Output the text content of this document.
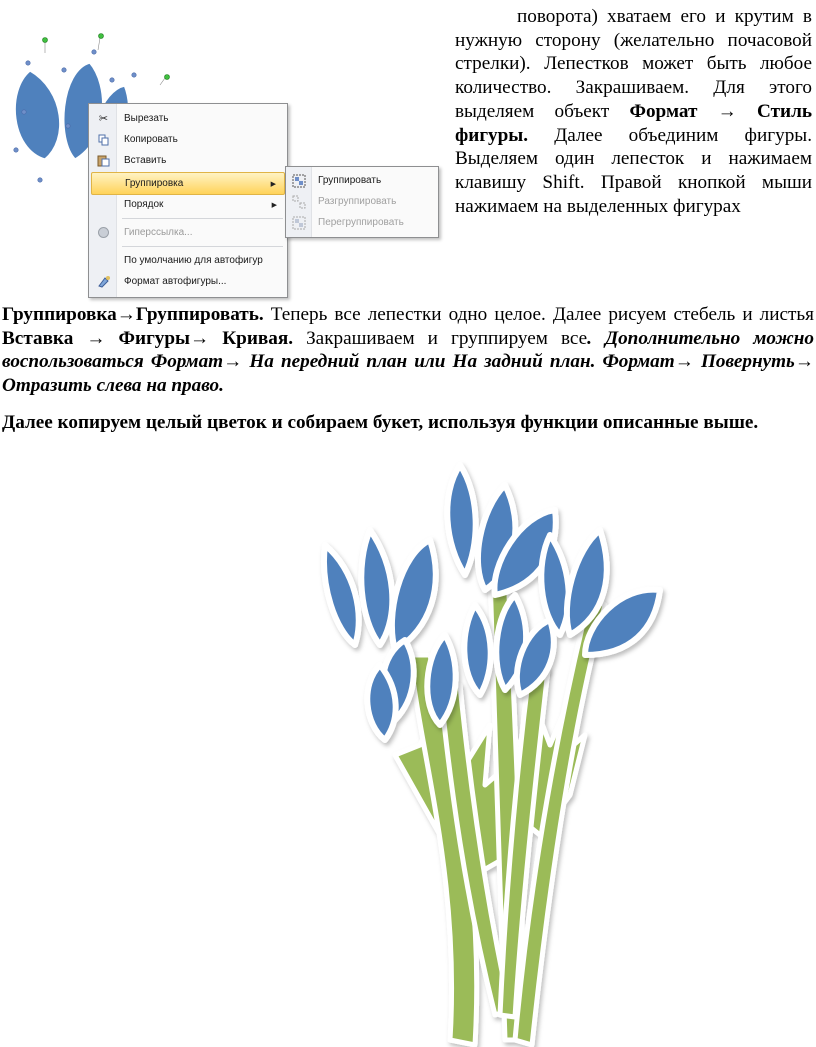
✂	Вырезать
Копировать
Вставить
Группировка	▶
Порядок	▶
Гиперссылка...
По умолчанию для автофигур
Формат автофигуры...
Группировать
Разгруппировать
Перегруппировать
поворота) хватаем его и крутим в нужную сторону (желательно почасовой стрелки). Лепестков может быть любое количество. Закрашиваем. Для этого выделяем объект Формат → Стиль фигуры. Далее объединим фигуры. Выделяем один лепесток и нажимаем клавишу Shift. Правой кнопкой мыши нажимаем на выделенных фигурах
Группировка→Группировать. Теперь все лепестки одно целое. Далее рисуем стебель и листья Вставка → Фигуры→ Кривая. Закрашиваем и группируем все. Дополнительно можно воспользоваться Формат→ На передний план или На задний план. Формат→ Повернуть→ Отразить слева на право.
Далее копируем целый цветок и собираем букет, используя функции описанные выше.
